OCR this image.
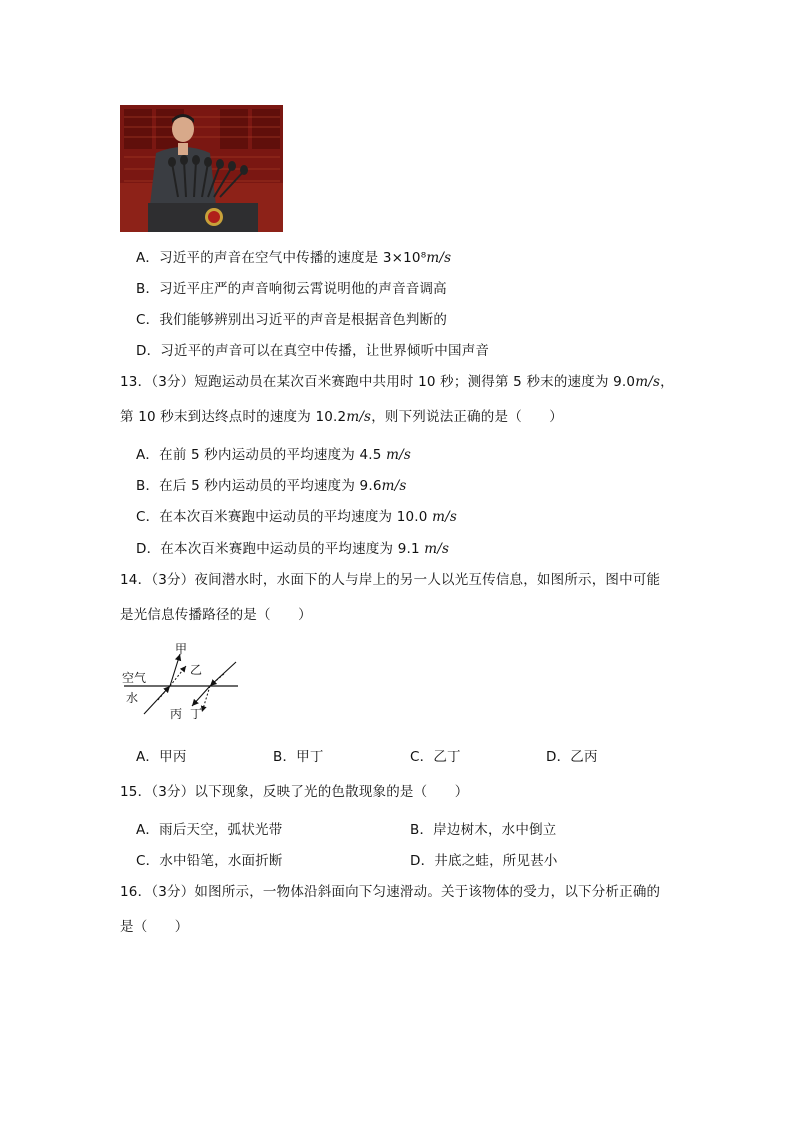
A．习近平的声音在空气中传播的速度是 3×10⁸m/s
B．习近平庄严的声音响彻云霄说明他的声音音调高
C．我们能够辨别出习近平的声音是根据音色判断的
D．习近平的声音可以在真空中传播，让世界倾听中国声音
13．（3分）短跑运动员在某次百米赛跑中共用时 10 秒；测得第 5 秒末的速度为 9.0m/s，
第 10 秒末到达终点时的速度为 10.2m/s，则下列说法正确的是（　　）
A．在前 5 秒内运动员的平均速度为 4.5 m/s
B．在后 5 秒内运动员的平均速度为 9.6m/s
C．在本次百米赛跑中运动员的平均速度为 10.0 m/s
D．在本次百米赛跑中运动员的平均速度为 9.1 m/s
14．（3分）夜间潜水时，水面下的人与岸上的另一人以光互传信息，如图所示，图中可能
是光信息传播路径的是（　　）
空气
水
甲
乙
丙 丁
A．甲丙	B．甲丁	C．乙丁	D．乙丙
15．（3分）以下现象，反映了光的色散现象的是（　　）
A．雨后天空，弧状光带	B．岸边树木，水中倒立
C．水中铅笔，水面折断	D．井底之蛙，所见甚小
16．（3分）如图所示，一物体沿斜面向下匀速滑动。关于该物体的受力，以下分析正确的
是（　　）
